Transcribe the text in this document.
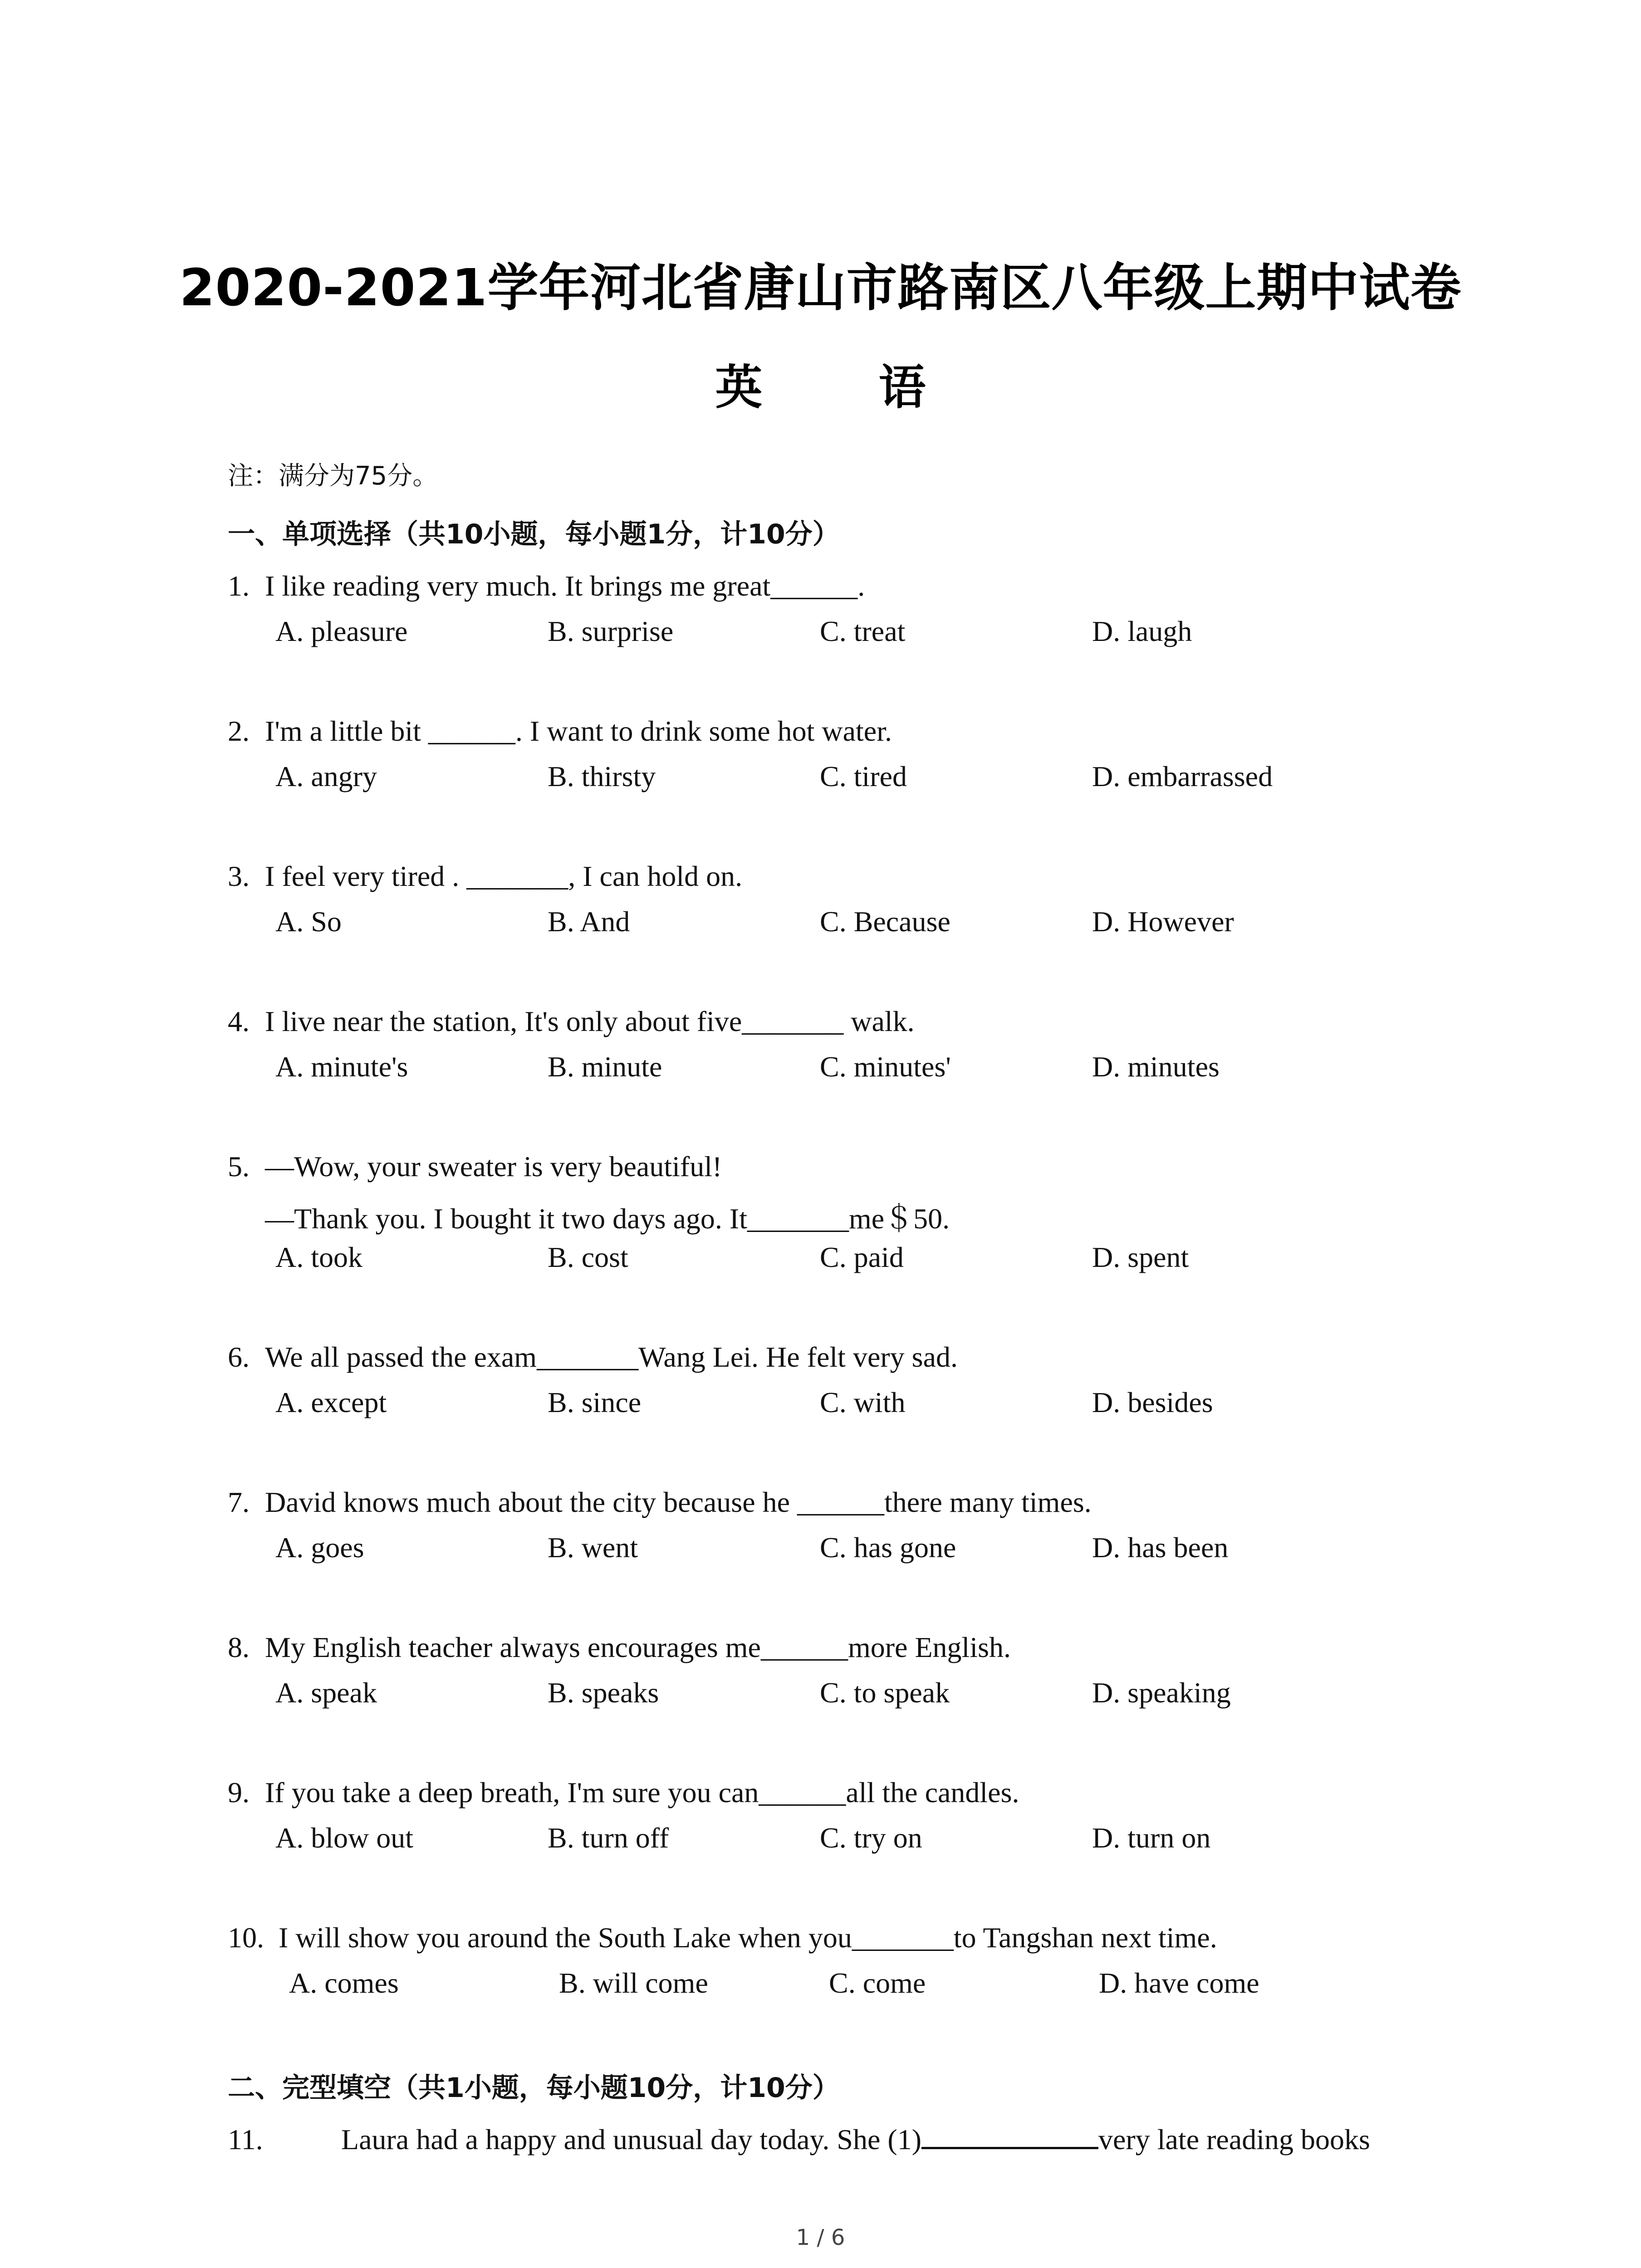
2020-2021学年河北省唐山市路南区八年级上期中试卷
英 语
注：满分为75分。
一、单项选择（共10小题，每小题1分，计10分）
1. I like reading very much. It brings me great______.
A. pleasure	B. surprise	C. treat	D. laugh
2. I'm a little bit ______. I want to drink some hot water.
A. angry	B. thirsty	C. tired	D. embarrassed
3. I feel very tired . _______, I can hold on.
A. So	B. And	C. Because	D. However
4. I live near the station, It's only about five_______ walk.
A. minute's	B. minute	C. minutes'	D. minutes
5. —Wow, your sweater is very beautiful!
—Thank you. I bought it two days ago. It_______me＄50.
A. took	B. cost	C. paid	D. spent
6. We all passed the exam_______Wang Lei. He felt very sad.
A. except	B. since	C. with	D. besides
7. David knows much about the city because he ______there many times.
A. goes	B. went	C. has gone	D. has been
8. My English teacher always encourages me______more English.
A. speak	B. speaks	C. to speak	D. speaking
9. If you take a deep breath, I'm sure you can______all the candles.
A. blow out	B. turn off	C. try on	D. turn on
10. I will show you around the South Lake when you_______to Tangshan next time.
A. comes	B. will come	C. come	D. have come
二、完型填空（共1小题，每小题10分，计10分）
11.	Laura had a happy and unusual day today. She (1)	very late reading books
1 / 6
